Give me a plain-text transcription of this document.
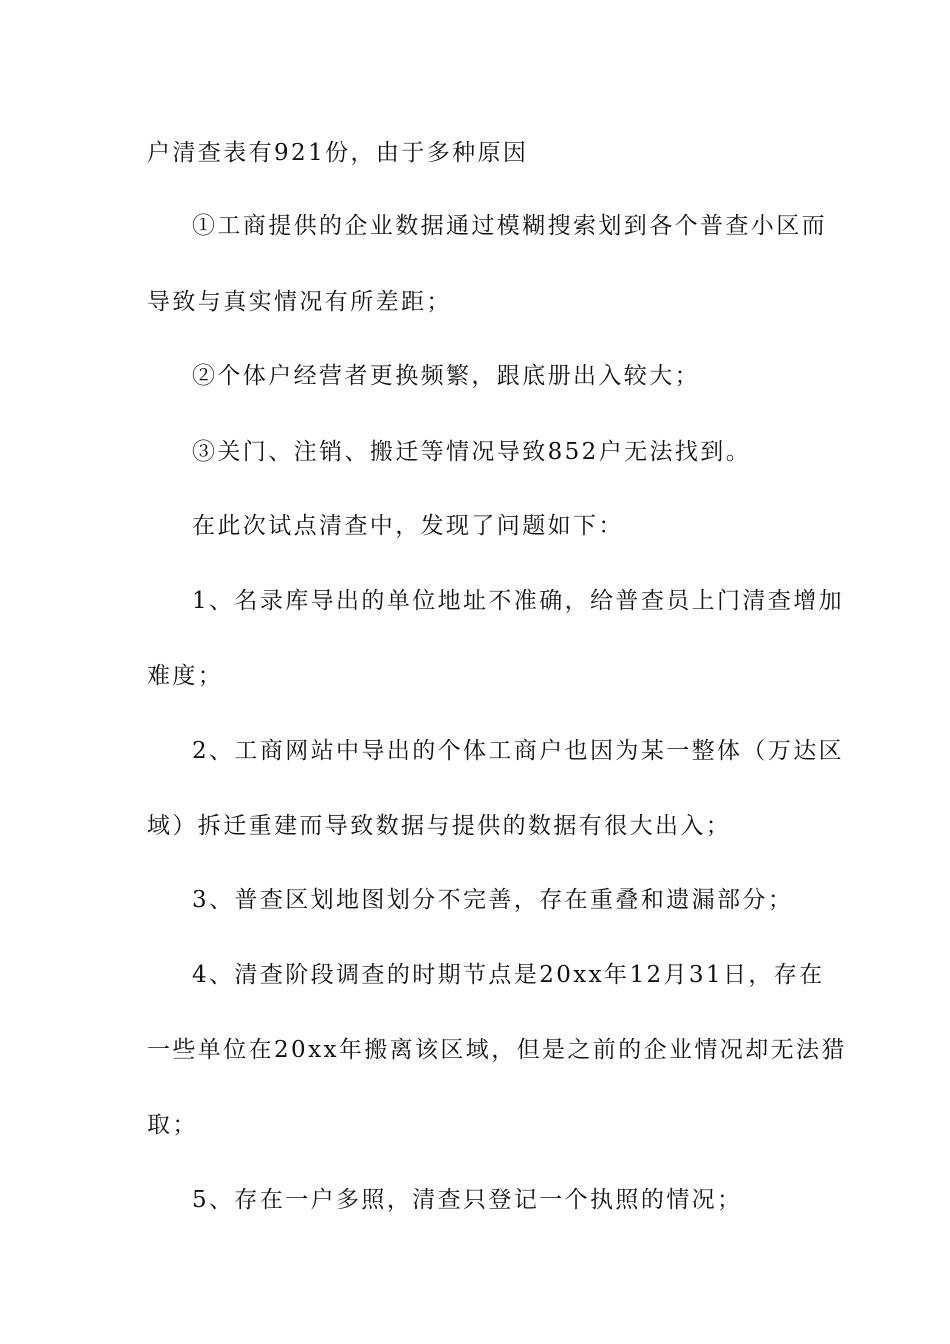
户清查表有921份，由于多种原因
①工商提供的企业数据通过模糊搜索划到各个普查小区而
导致与真实情况有所差距；
②个体户经营者更换频繁，跟底册出入较大；
③关门、注销、搬迁等情况导致852户无法找到。
在此次试点清查中，发现了问题如下：
1、名录库导出的单位地址不准确，给普查员上门清查增加
难度；
2、工商网站中导出的个体工商户也因为某一整体（万达区
域）拆迁重建而导致数据与提供的数据有很大出入；
3、普查区划地图划分不完善，存在重叠和遗漏部分；
4、清查阶段调查的时期节点是20xx年12月31日，存在
一些单位在20xx年搬离该区域，但是之前的企业情况却无法猎
取；
5、存在一户多照，清查只登记一个执照的情况；
